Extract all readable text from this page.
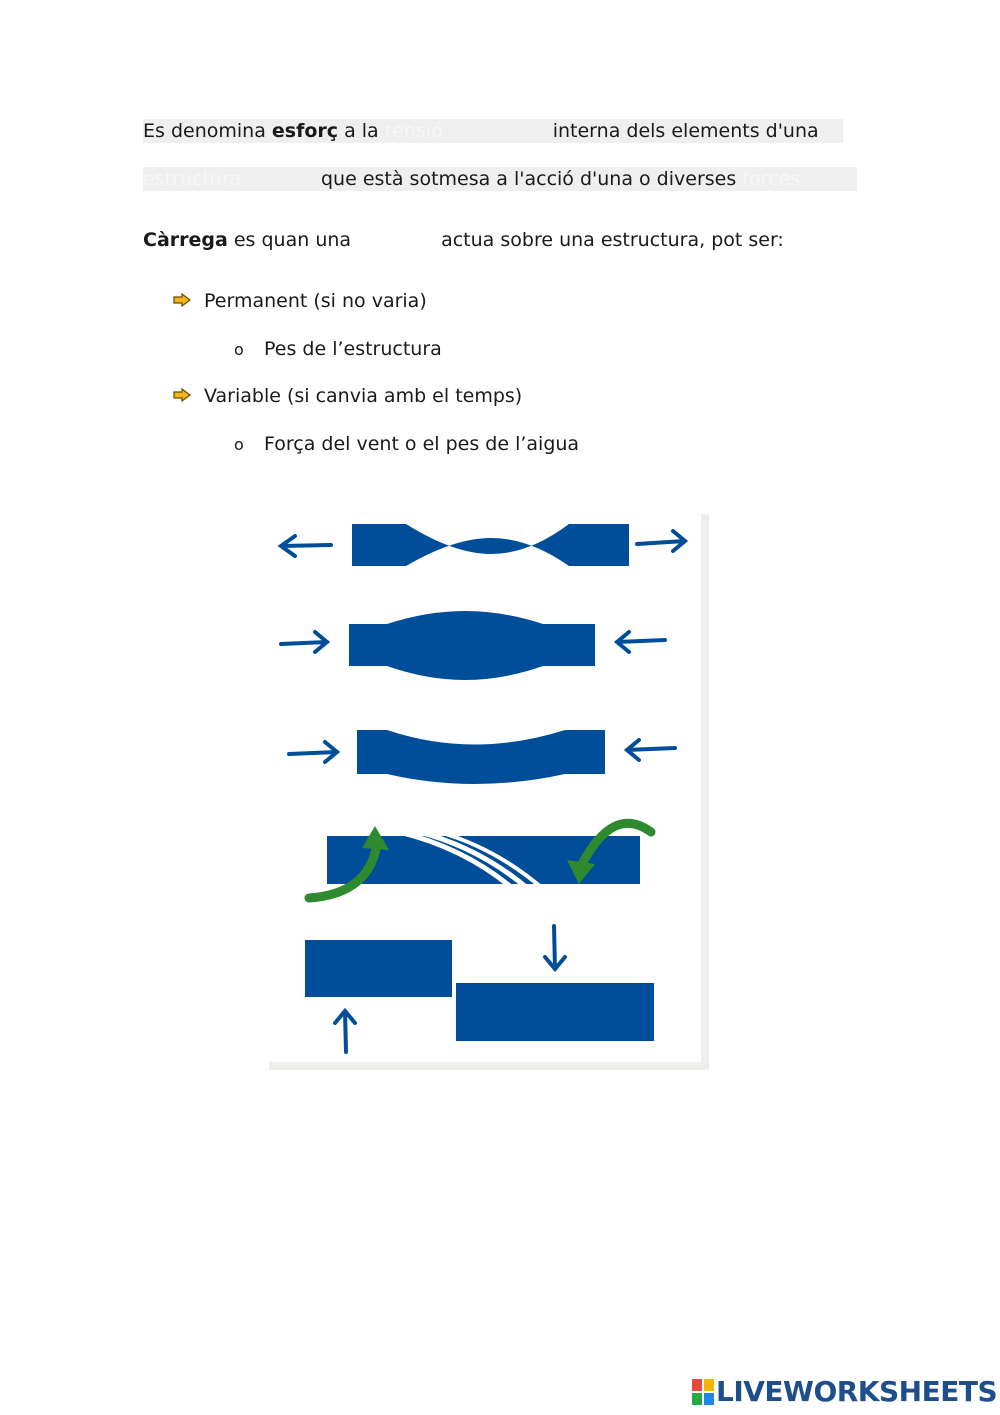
Es denomina esforç a la tensió	interna dels elements d'una
estructura	que està sotmesa a l'acció d'una o diverses forces
Càrrega es quan una	actua sobre una estructura, pot ser:
Permanent (si no varia)
o Pes de l’estructura
Variable (si canvia amb el temps)
o Força del vent o el pes de l’aigua
LIVEWORKSHEETS
